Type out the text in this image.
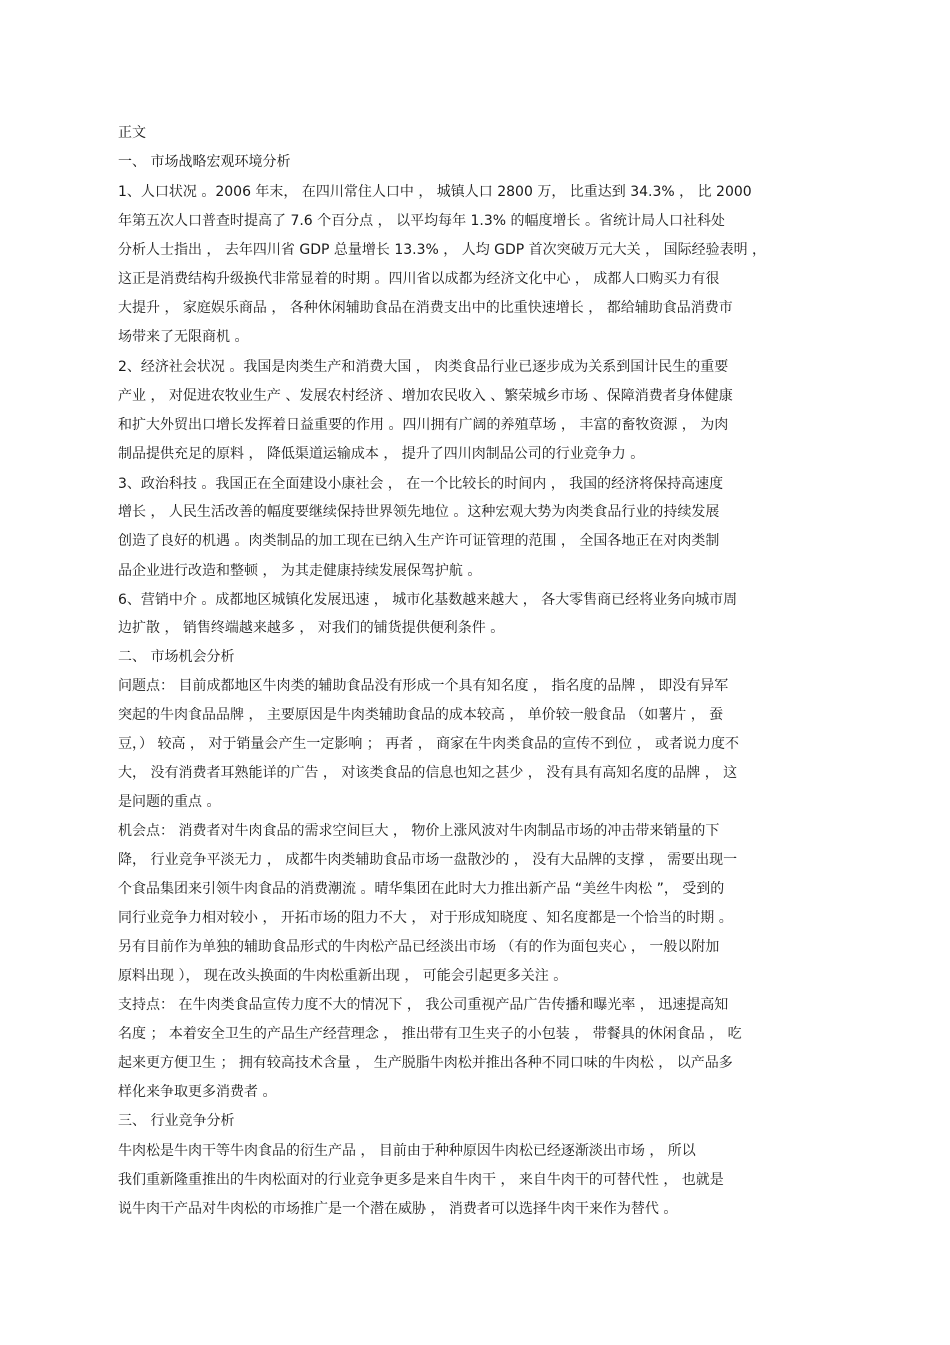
正文
一、 市场战略宏观环境分析
1、人口状况 。2006 年末， 在四川常住人口中 ， 城镇人口 2800 万， 比重达到 34.3% ， 比 2000
年第五次人口普查时提高了 7.6 个百分点 ， 以平均每年 1.3% 的幅度增长 。省统计局人口社科处
分析人士指出 ， 去年四川省 GDP 总量增长 13.3% ， 人均 GDP 首次突破万元大关 ， 国际经验表明 ，
这正是消费结构升级换代非常显着的时期 。四川省以成都为经济文化中心 ， 成都人口购买力有很
大提升 ， 家庭娱乐商品 ， 各种休闲辅助食品在消费支出中的比重快速增长 ， 都给辅助食品消费市
场带来了无限商机 。
2、经济社会状况 。我国是肉类生产和消费大国 ， 肉类食品行业已逐步成为关系到国计民生的重要
产业 ， 对促进农牧业生产 、发展农村经济 、增加农民收入 、繁荣城乡市场 、保障消费者身体健康
和扩大外贸出口增长发挥着日益重要的作用 。四川拥有广阔的养殖草场 ， 丰富的畜牧资源 ， 为肉
制品提供充足的原料 ， 降低渠道运输成本 ， 提升了四川肉制品公司的行业竞争力 。
3、政治科技 。我国正在全面建设小康社会 ， 在一个比较长的时间内 ， 我国的经济将保持高速度
增长 ， 人民生活改善的幅度要继续保持世界领先地位 。这种宏观大势为肉类食品行业的持续发展
创造了良好的机遇 。肉类制品的加工现在已纳入生产许可证管理的范围 ， 全国各地正在对肉类制
品企业进行改造和整顿 ， 为其走健康持续发展保驾护航 。
6、营销中介 。成都地区城镇化发展迅速 ， 城市化基数越来越大 ， 各大零售商已经将业务向城市周
边扩散 ， 销售终端越来越多 ， 对我们的铺货提供便利条件 。
二、 市场机会分析
问题点： 目前成都地区牛肉类的辅助食品没有形成一个具有知名度 ， 指名度的品牌 ， 即没有异军
突起的牛肉食品品牌 ， 主要原因是牛肉类辅助食品的成本较高 ， 单价较一般食品 （如薯片 ， 蚕
豆，） 较高 ， 对于销量会产生一定影响 ； 再者 ， 商家在牛肉类食品的宣传不到位 ， 或者说力度不
大， 没有消费者耳熟能详的广告 ， 对该类食品的信息也知之甚少 ， 没有具有高知名度的品牌 ， 这
是问题的重点 。
机会点： 消费者对牛肉食品的需求空间巨大 ， 物价上涨风波对牛肉制品市场的冲击带来销量的下
降， 行业竞争平淡无力 ， 成都牛肉类辅助食品市场一盘散沙的 ， 没有大品牌的支撑 ， 需要出现一
个食品集团来引领牛肉食品的消费潮流 。晴华集团在此时大力推出新产品 “美丝牛肉松 ”， 受到的
同行业竞争力相对较小 ， 开拓市场的阻力不大 ， 对于形成知晓度 、知名度都是一个恰当的时期 。
另有目前作为单独的辅助食品形式的牛肉松产品已经淡出市场 （有的作为面包夹心 ， 一般以附加
原料出现 ）， 现在改头换面的牛肉松重新出现 ， 可能会引起更多关注 。
支持点： 在牛肉类食品宣传力度不大的情况下 ， 我公司重视产品广告传播和曝光率 ， 迅速提高知
名度 ； 本着安全卫生的产品生产经营理念 ， 推出带有卫生夹子的小包装 ， 带餐具的休闲食品 ， 吃
起来更方便卫生 ； 拥有较高技术含量 ， 生产脱脂牛肉松并推出各种不同口味的牛肉松 ， 以产品多
样化来争取更多消费者 。
三、 行业竞争分析
牛肉松是牛肉干等牛肉食品的衍生产品 ， 目前由于种种原因牛肉松已经逐渐淡出市场 ， 所以
我们重新隆重推出的牛肉松面对的行业竞争更多是来自牛肉干 ， 来自牛肉干的可替代性 ， 也就是
说牛肉干产品对牛肉松的市场推广是一个潜在威胁 ， 消费者可以选择牛肉干来作为替代 。
